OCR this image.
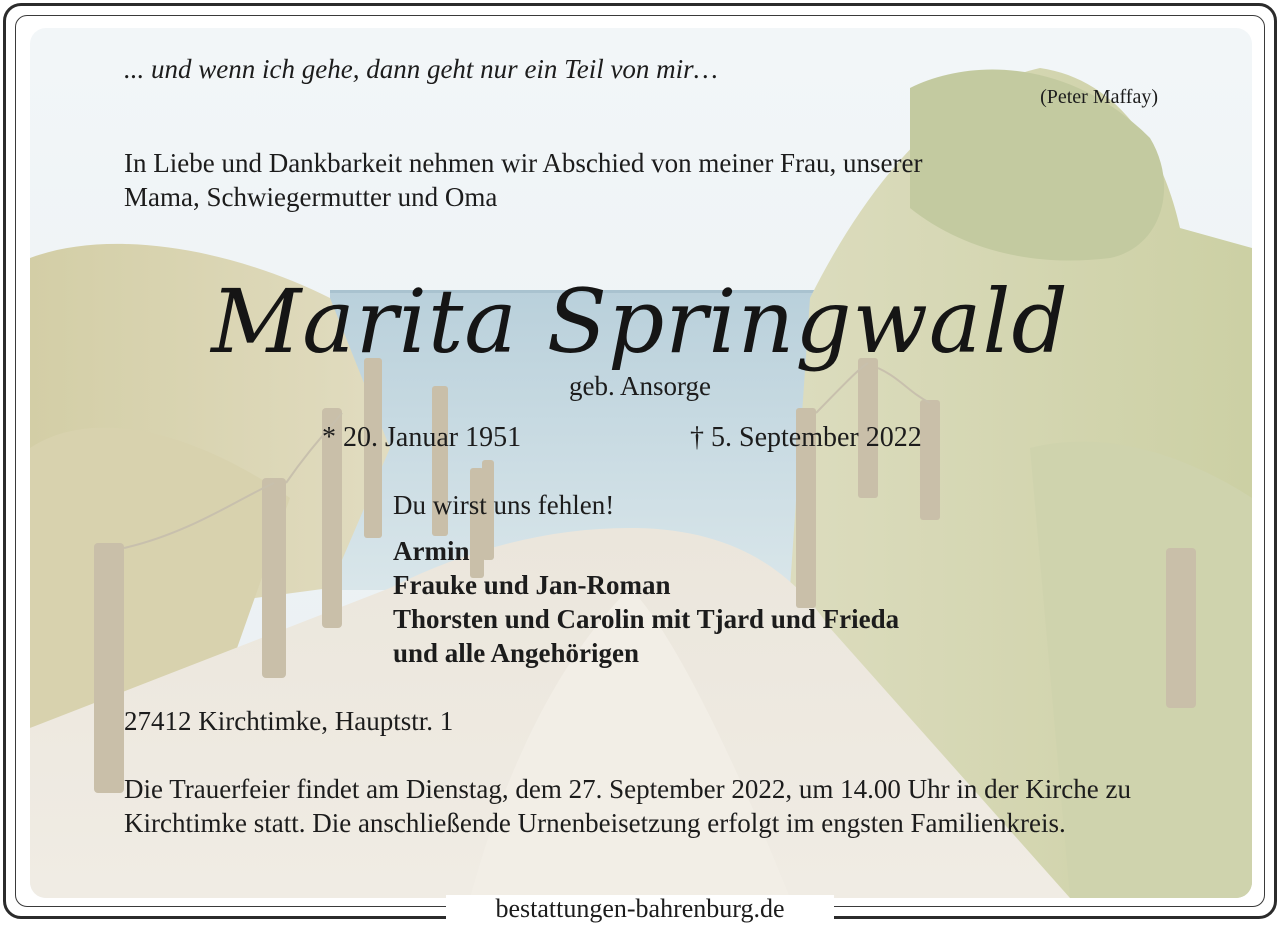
... und wenn ich gehe, dann geht nur ein Teil von mir…
(Peter Maffay)
In Liebe und Dankbarkeit nehmen wir Abschied von meiner Frau, unserer
Mama, Schwiegermutter und Oma
Marita Springwald
geb. Ansorge
* 20. Januar 1951	† 5. September 2022
Du wirst uns fehlen!
Armin
Frauke und Jan-Roman
Thorsten und Carolin mit Tjard und Frieda
und alle Angehörigen
27412 Kirchtimke, Hauptstr. 1
Die Trauerfeier findet am Dienstag, dem 27. September 2022, um 14.00 Uhr in der Kirche zu Kirchtimke statt. Die anschließende Urnenbeisetzung erfolgt im engsten Familienkreis.
bestattungen-bahrenburg.de
